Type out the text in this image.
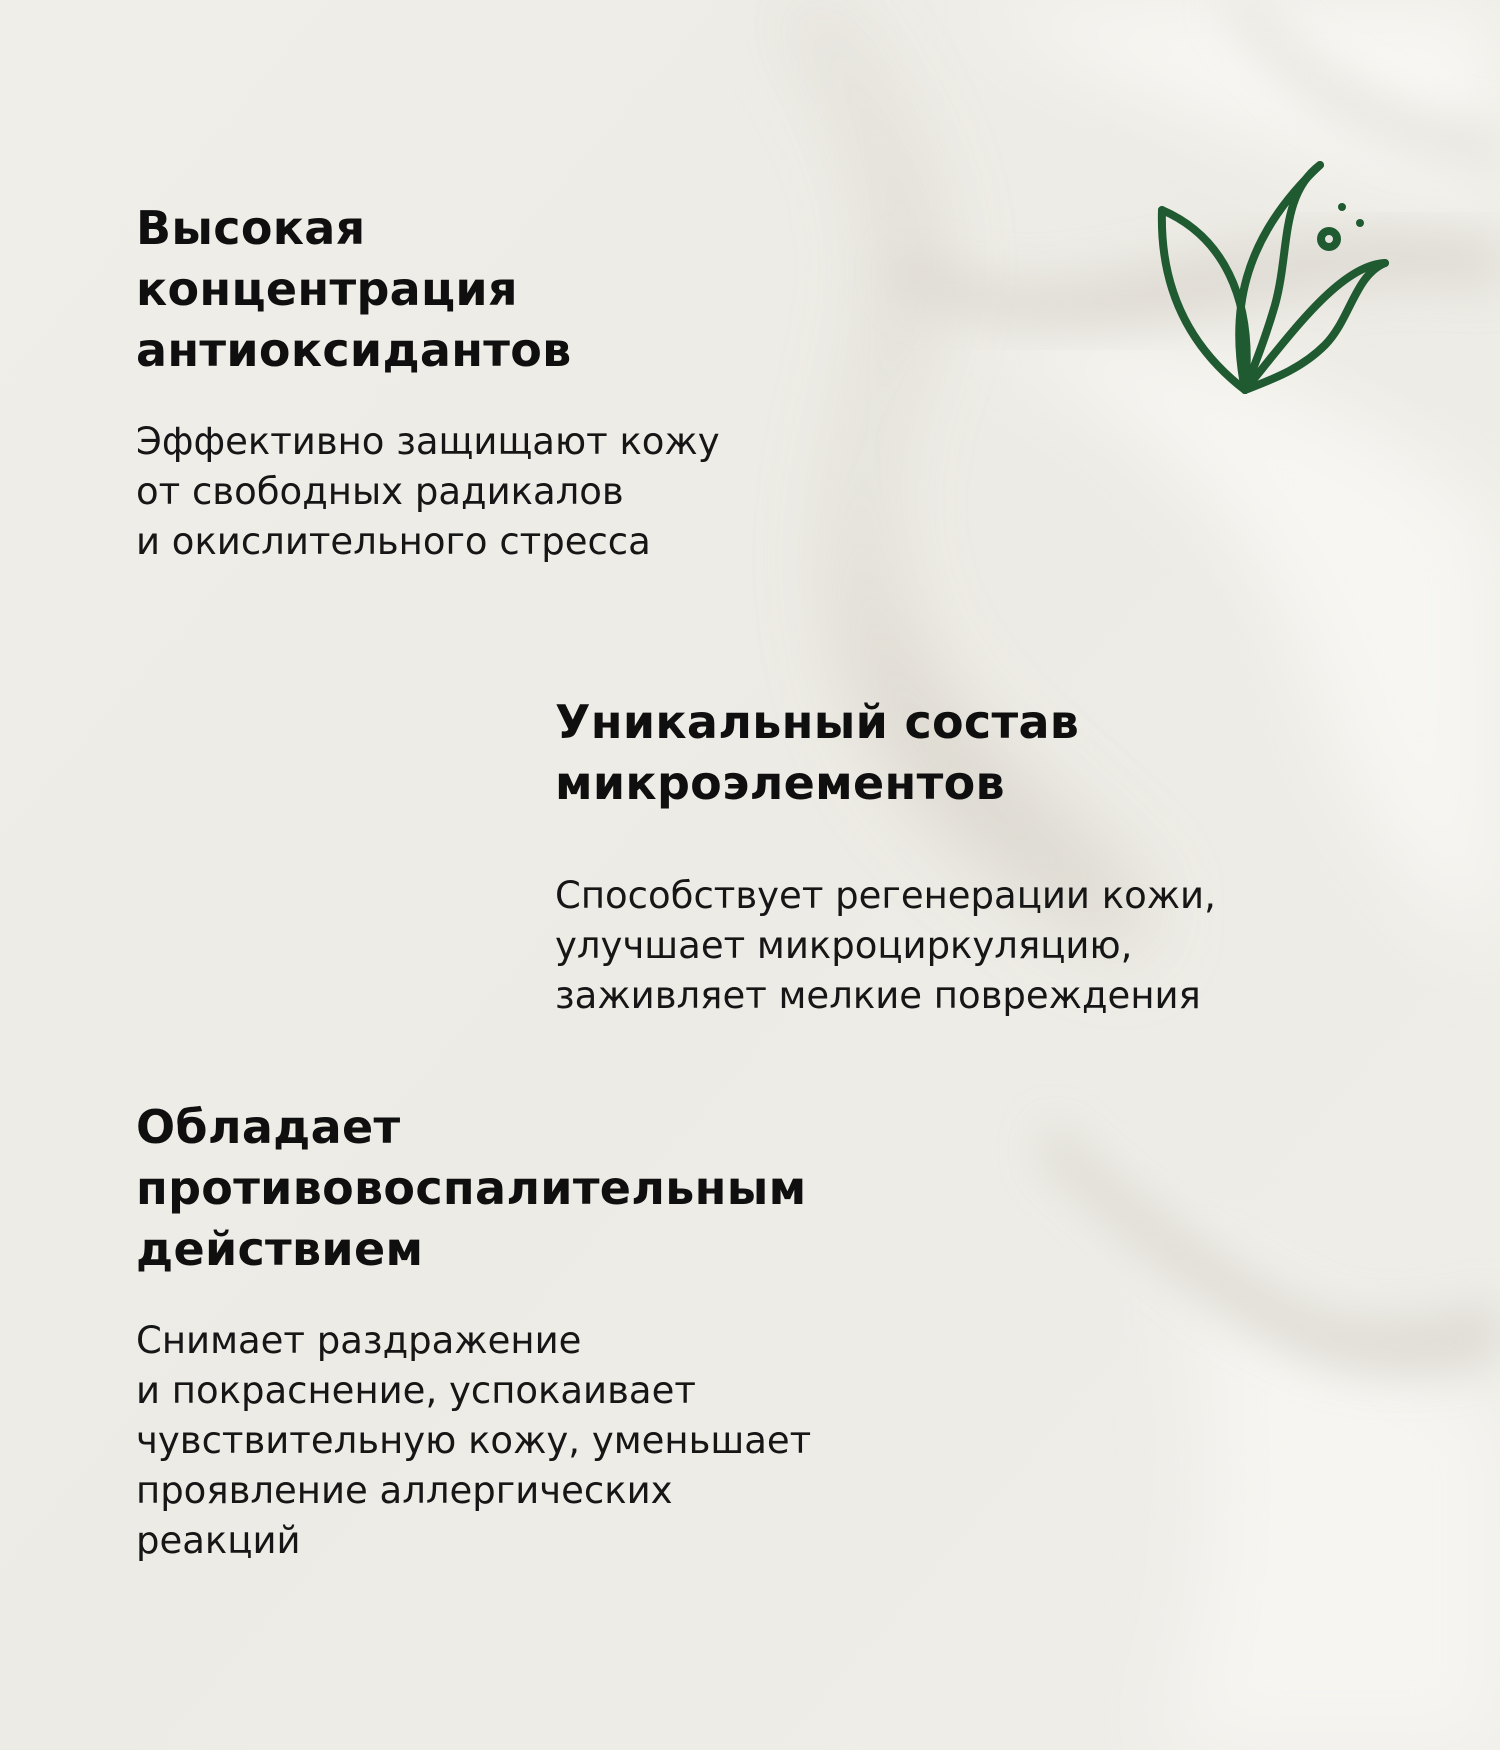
Высокая
концентрация
антиоксидантов

Эффективно защищают кожу
от свободных радикалов
и окислительного стресса

Уникальный состав
микроэлементов

Способствует регенерации кожи,
улучшает микроциркуляцию,
заживляет мелкие повреждения

Обладает
противовоспалительным
действием

Снимает раздражение
и покраснение, успокаивает
чувствительную кожу, уменьшает
проявление аллергических
реакций
